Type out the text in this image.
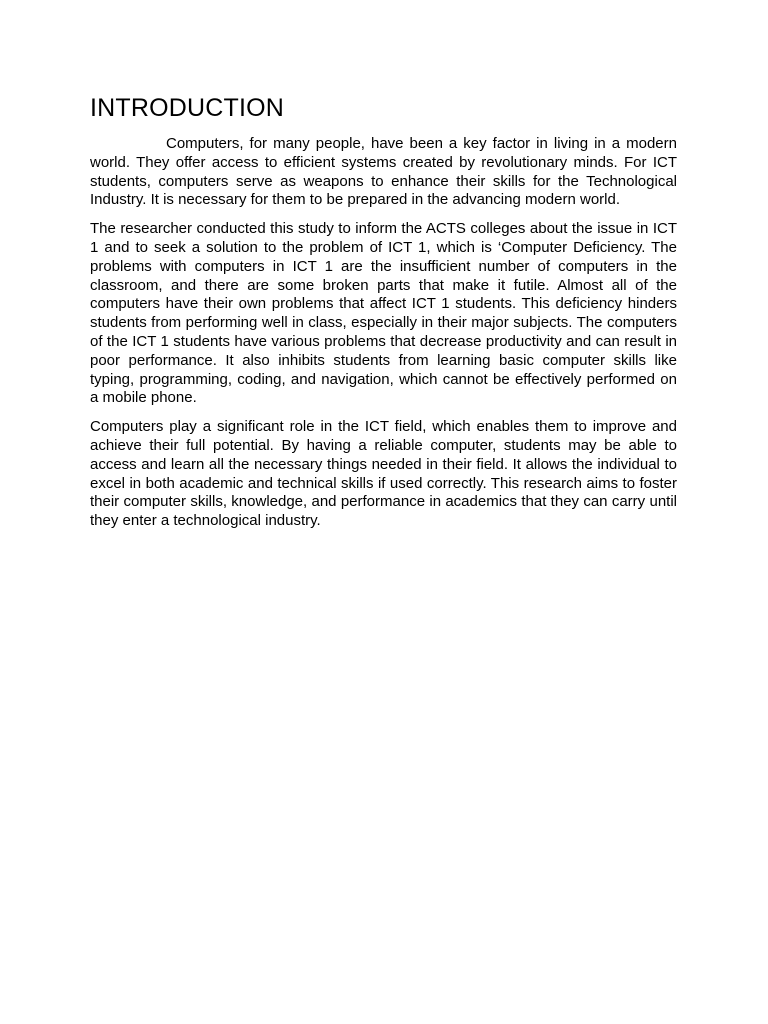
INTRODUCTION

Computers, for many people, have been a key factor in living in a modern world. They offer access to efficient systems created by revolutionary minds. For ICT students, computers serve as weapons to enhance their skills for the Technological Industry. It is necessary for them to be prepared in the advancing modern world.

The researcher conducted this study to inform the ACTS colleges about the issue in ICT 1 and to seek a solution to the problem of ICT 1, which is ‘Computer Deficiency. The problems with computers in ICT 1 are the insufficient number of computers in the classroom, and there are some broken parts that make it futile. Almost all of the computers have their own problems that affect ICT 1 students. This deficiency hinders students from performing well in class, especially in their major subjects. The computers of the ICT 1 students have various problems that decrease productivity and can result in poor performance. It also inhibits students from learning basic computer skills like typing, programming, coding, and navigation, which cannot be effectively performed on a mobile phone.

Computers play a significant role in the ICT field, which enables them to improve and achieve their full potential. By having a reliable computer, students may be able to access and learn all the necessary things needed in their field. It allows the individual to excel in both academic and technical skills if used correctly. This research aims to foster their computer skills, knowledge, and performance in academics that they can carry until they enter a technological industry.
